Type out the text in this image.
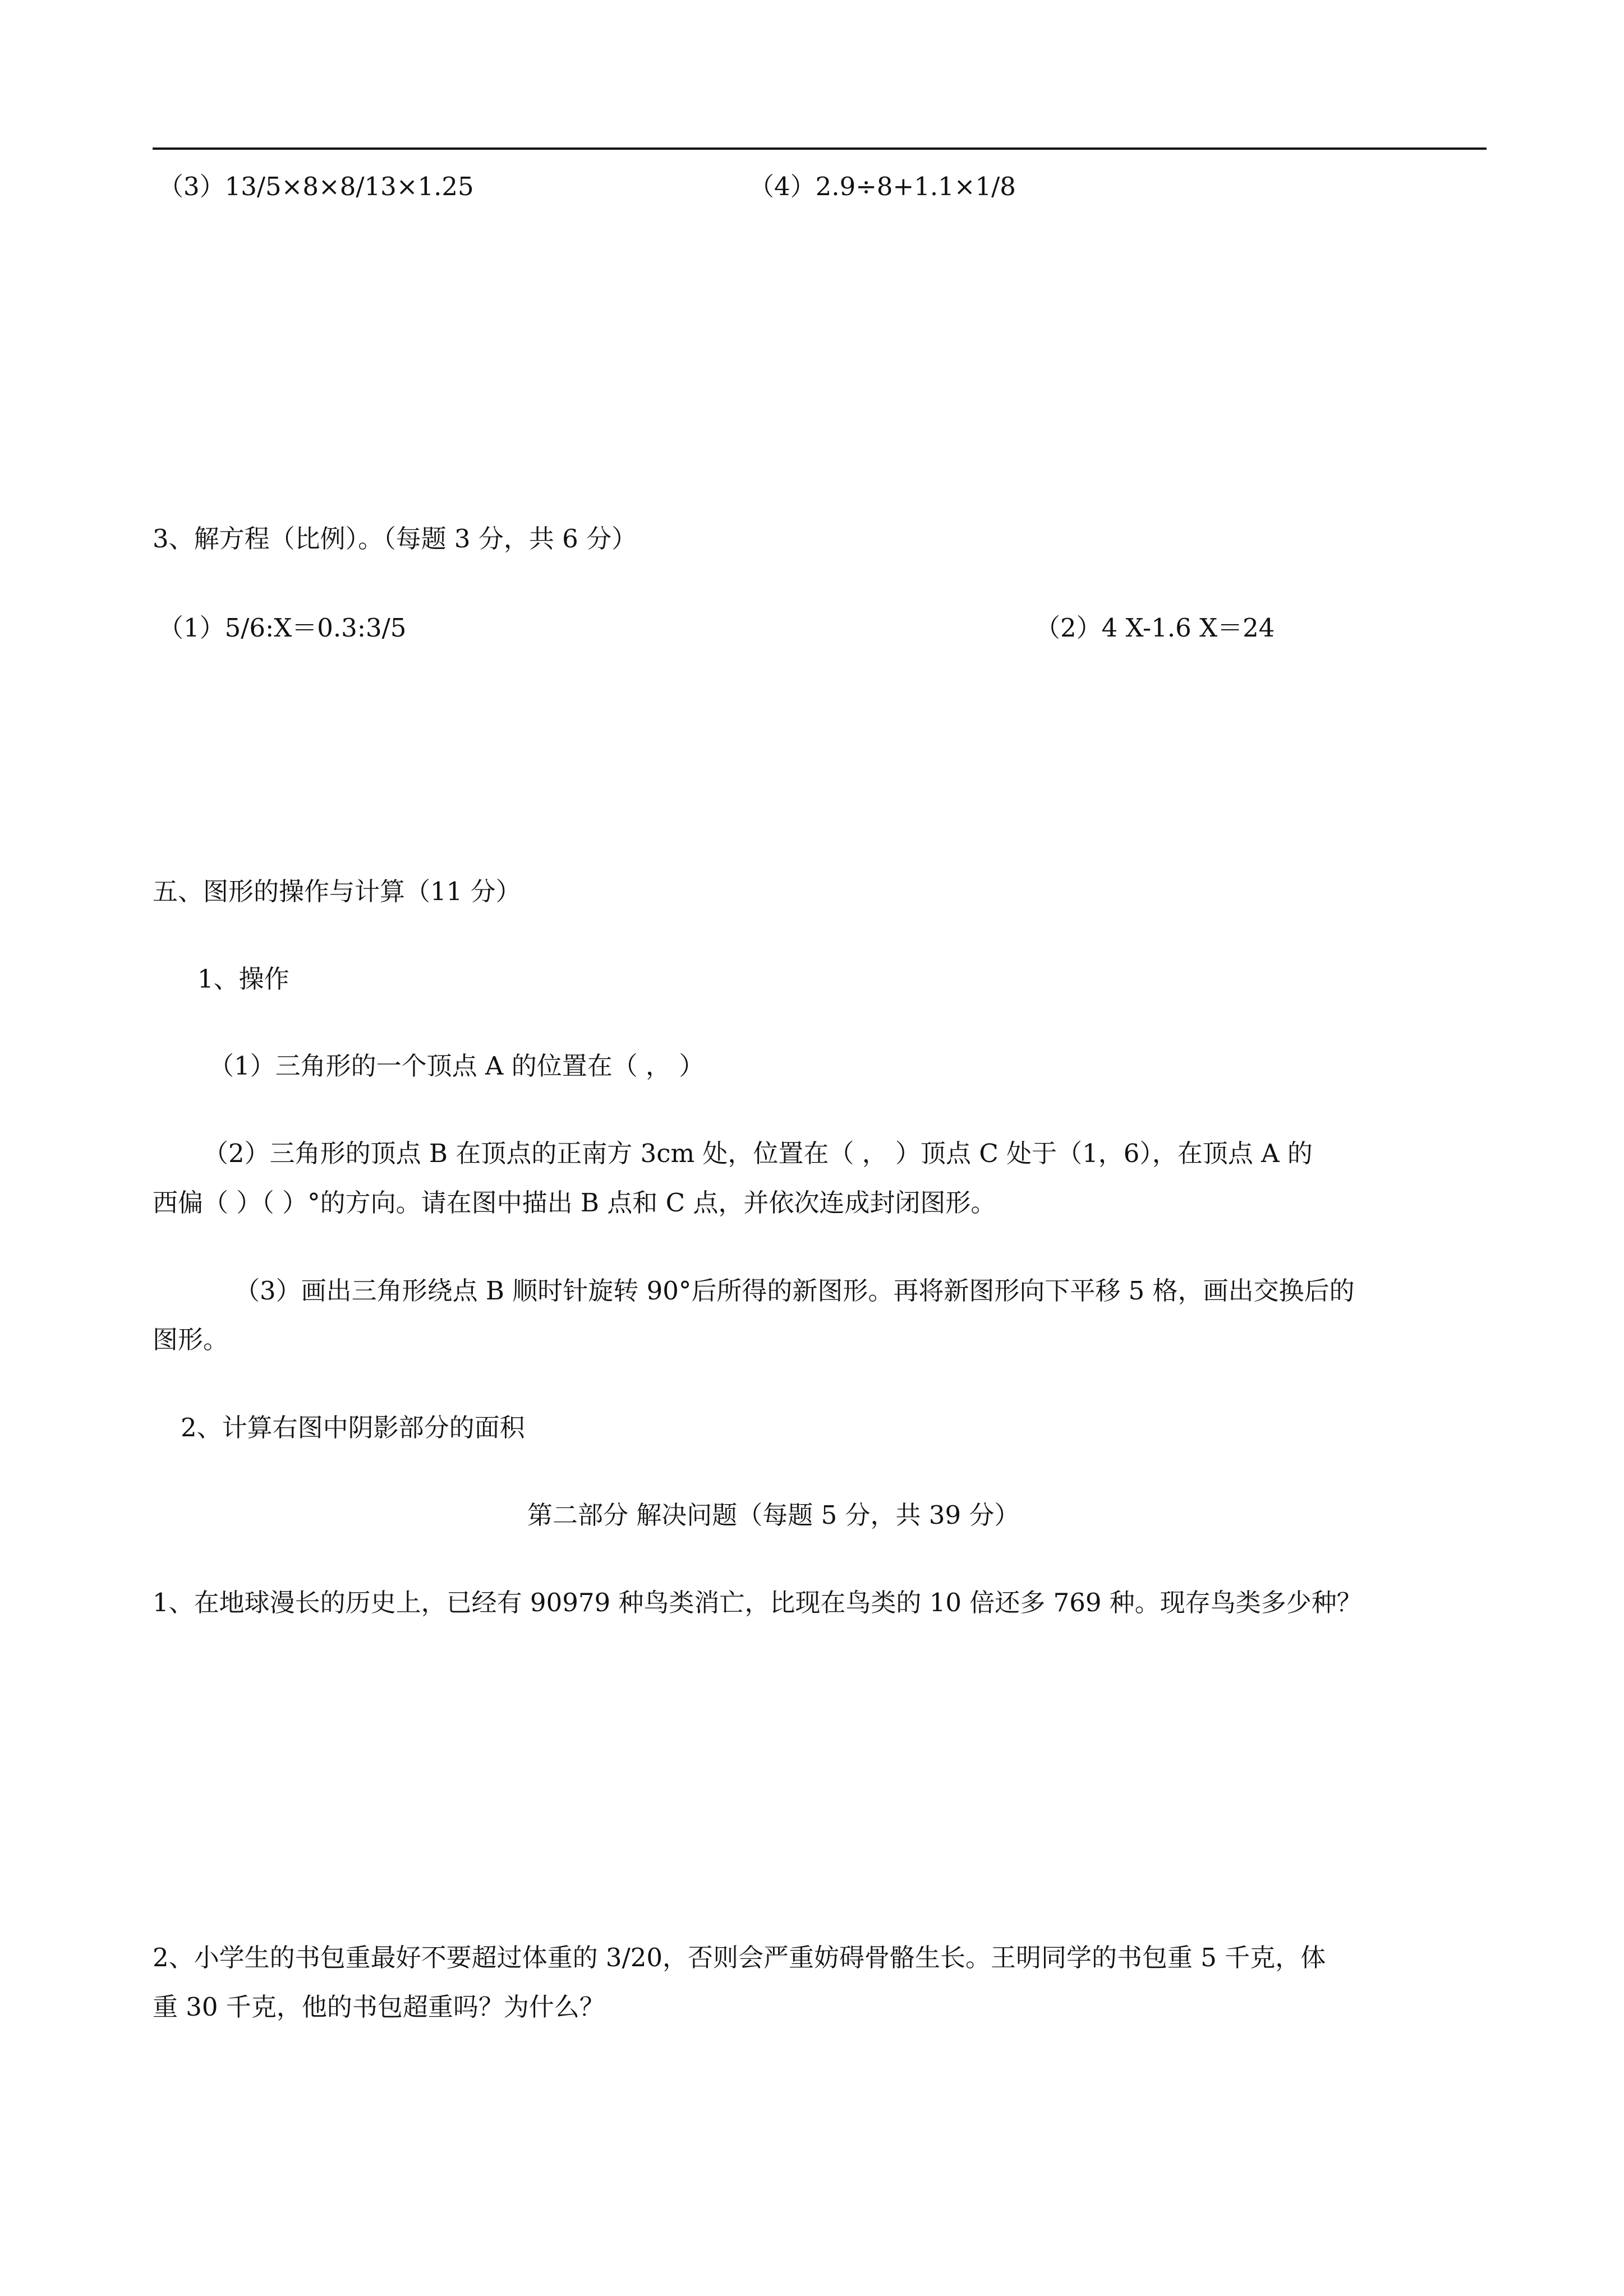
（3）13/5×8×8/13×1.25	（4）2.9÷8+1.1×1/8
3、解方程（比例）。（每题 3 分，共 6 分）
（1）5/6:X＝0.3:3/5	（2）4 X-1.6 X＝24
五、图形的操作与计算（11 分）
1、操作
（1）三角形的一个顶点 A 的位置在（ ， ）
（2）三角形的顶点 B 在顶点的正南方 3cm 处，位置在（ ， ）顶点 C 处于（1，6），在顶点 A 的
西偏（ ）（ ）°的方向。请在图中描出 B 点和 C 点，并依次连成封闭图形。
（3）画出三角形绕点 B 顺时针旋转 90°后所得的新图形。再将新图形向下平移 5 格，画出交换后的
图形。
2、计算右图中阴影部分的面积
第二部分 解决问题（每题 5 分，共 39 分）
1、在地球漫长的历史上，已经有 90979 种鸟类消亡，比现在鸟类的 10 倍还多 769 种。现存鸟类多少种？
2、小学生的书包重最好不要超过体重的 3/20，否则会严重妨碍骨骼生长。王明同学的书包重 5 千克，体
重 30 千克，他的书包超重吗？为什么？
